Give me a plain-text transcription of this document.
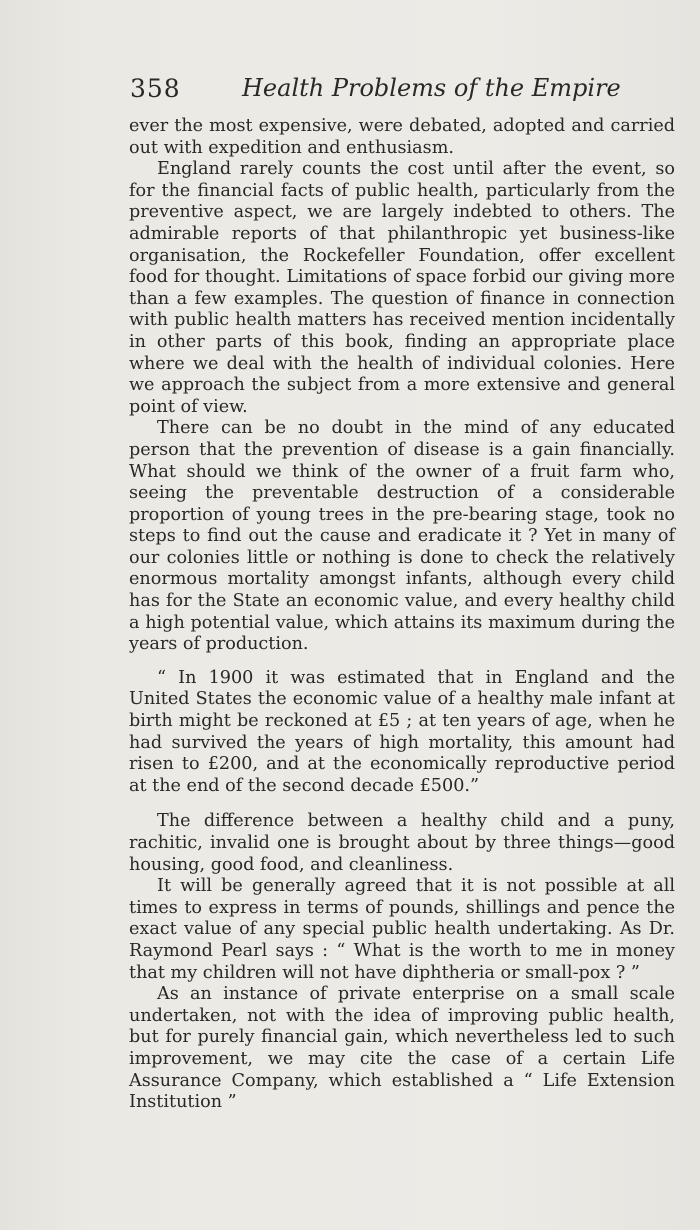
358	Health Problems of the Empire

ever the most expensive, were debated, adopted and carried out with expedition and enthusiasm.

England rarely counts the cost until after the event, so for the financial facts of public health, particularly from the preventive aspect, we are largely indebted to others. The admirable reports of that philanthropic yet business-like organisation, the Rockefeller Foundation, offer excellent food for thought. Limitations of space forbid our giving more than a few examples. The question of finance in connection with public health matters has received mention incidentally in other parts of this book, finding an appropriate place where we deal with the health of individual colonies. Here we approach the subject from a more extensive and general point of view.

There can be no doubt in the mind of any educated person that the prevention of disease is a gain financially. What should we think of the owner of a fruit farm who, seeing the preventable destruction of a considerable proportion of young trees in the pre-bearing stage, took no steps to find out the cause and eradicate it ? Yet in many of our colonies little or nothing is done to check the relatively enormous mortality amongst infants, although every child has for the State an economic value, and every healthy child a high potential value, which attains its maximum during the years of production.

“ In 1900 it was estimated that in England and the United States the economic value of a healthy male infant at birth might be reckoned at £5 ; at ten years of age, when he had survived the years of high mortality, this amount had risen to £200, and at the economically reproductive period at the end of the second decade £500.”

The difference between a healthy child and a puny, rachitic, invalid one is brought about by three things—good housing, good food, and cleanliness.

It will be generally agreed that it is not possible at all times to express in terms of pounds, shillings and pence the exact value of any special public health undertaking. As Dr. Raymond Pearl says : “ What is the worth to me in money that my children will not have diphtheria or small-pox ? ”

As an instance of private enterprise on a small scale undertaken, not with the idea of improving public health, but for purely financial gain, which nevertheless led to such improvement, we may cite the case of a certain Life Assurance Company, which established a “ Life Extension Institution ”
